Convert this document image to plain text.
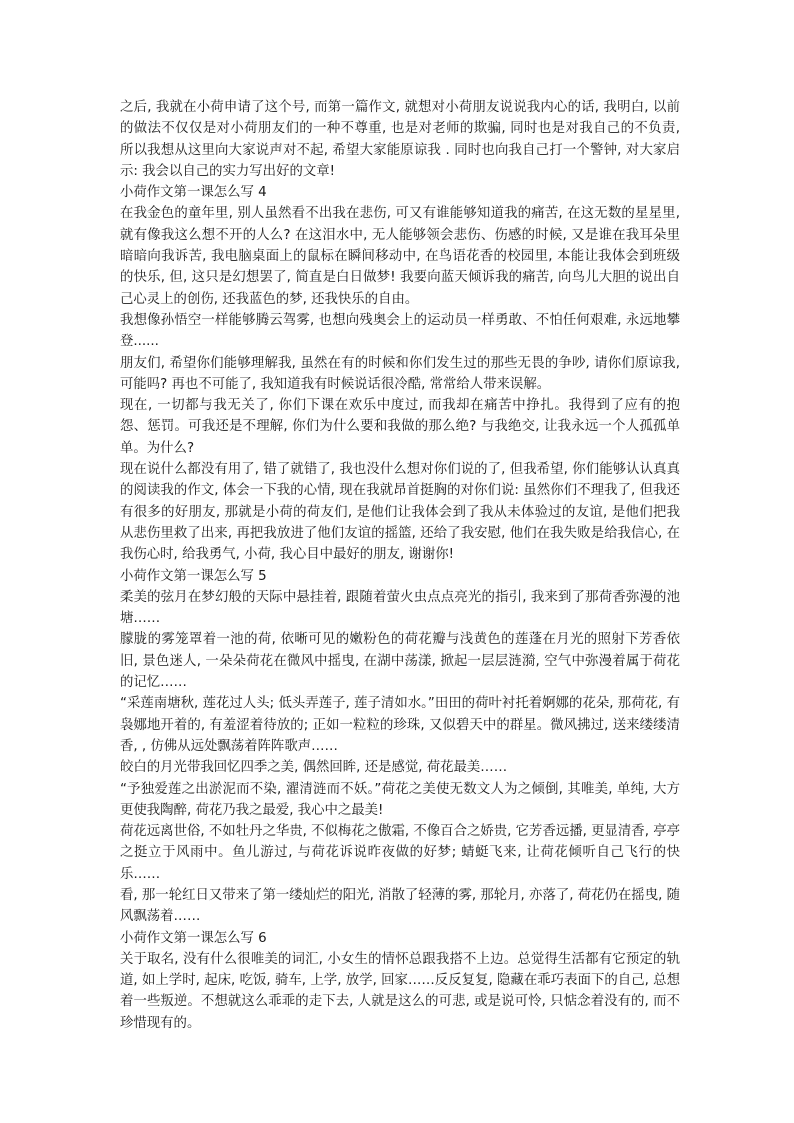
之后, 我就在小荷申请了这个号, 而第一篇作文, 就想对小荷朋友说说我内心的话, 我明白, 以前的做法不仅仅是对小荷朋友们的一种不尊重, 也是对老师的欺骗, 同时也是对我自己的不负责, 所以我想从这里向大家说声对不起, 希望大家能原谅我 . 同时也向我自己打一个警钟, 对大家启示: 我会以自己的实力写出好的文章!

小荷作文第一课怎么写 4

在我金色的童年里, 别人虽然看不出我在悲伤, 可又有谁能够知道我的痛苦, 在这无数的星星里, 就有像我这么想不开的人么? 在这泪水中, 无人能够领会悲伤、伤感的时候, 又是谁在我耳朵里暗暗向我诉苦, 我电脑桌面上的鼠标在瞬间移动中, 在鸟语花香的校园里, 本能让我体会到班级的快乐, 但, 这只是幻想罢了, 简直是白日做梦! 我要向蓝天倾诉我的痛苦, 向鸟儿大胆的说出自己心灵上的创伤, 还我蓝色的梦, 还我快乐的自由。

我想像孙悟空一样能够腾云驾雾, 也想向残奥会上的运动员一样勇敢、不怕任何艰难, 永远地攀登......

朋友们, 希望你们能够理解我, 虽然在有的时候和你们发生过的那些无畏的争吵, 请你们原谅我, 可能吗? 再也不可能了, 我知道我有时候说话很冷酷, 常常给人带来误解。

现在, 一切都与我无关了, 你们下课在欢乐中度过, 而我却在痛苦中挣扎。我得到了应有的抱怨、惩罚。可我还是不理解, 你们为什么要和我做的那么绝? 与我绝交, 让我永远一个人孤孤单单。为什么?

现在说什么都没有用了, 错了就错了, 我也没什么想对你们说的了, 但我希望, 你们能够认认真真的阅读我的作文, 体会一下我的心情, 现在我就昂首挺胸的对你们说: 虽然你们不理我了, 但我还有很多的好朋友, 那就是小荷的荷友们, 是他们让我体会到了我从未体验过的友谊, 是他们把我从悲伤里救了出来, 再把我放进了他们友谊的摇篮, 还给了我安慰, 他们在我失败是给我信心, 在我伤心时, 给我勇气, 小荷, 我心目中最好的朋友, 谢谢你!

小荷作文第一课怎么写 5

柔美的弦月在梦幻般的天际中悬挂着, 跟随着萤火虫点点亮光的指引, 我来到了那荷香弥漫的池塘……

朦胧的雾笼罩着一池的荷, 依晰可见的嫩粉色的荷花瓣与浅黄色的莲蓬在月光的照射下芳香依旧, 景色迷人, 一朵朵荷花在微风中摇曳, 在湖中荡漾, 掀起一层层涟漪, 空气中弥漫着属于荷花的记忆……

“采莲南塘秋, 莲花过人头; 低头弄莲子, 莲子清如水。”田田的荷叶衬托着婀娜的花朵, 那荷花, 有袅娜地开着的, 有羞涩着待放的; 正如一粒粒的珍珠, 又似碧天中的群星。微风拂过, 送来缕缕清香, , 仿佛从远处飘荡着阵阵歌声……

皎白的月光带我回忆四季之美, 偶然回眸, 还是感觉, 荷花最美……

“予独爱莲之出淤泥而不染, 濯清涟而不妖。”荷花之美使无数文人为之倾倒, 其唯美, 单纯, 大方更使我陶醉, 荷花乃我之最爱, 我心中之最美!

荷花远离世俗, 不如牡丹之华贵, 不似梅花之傲霜, 不像百合之娇贵, 它芳香远播, 更显清香, 亭亭之挺立于风雨中。鱼儿游过, 与荷花诉说昨夜做的好梦; 蜻蜓飞来, 让荷花倾听自己飞行的快乐……

看, 那一轮红日又带来了第一缕灿烂的阳光, 消散了轻薄的雾, 那轮月, 亦落了, 荷花仍在摇曳, 随风飘荡着……

小荷作文第一课怎么写 6

关于取名, 没有什么很唯美的词汇, 小女生的情怀总跟我搭不上边。总觉得生活都有它预定的轨道, 如上学时, 起床, 吃饭, 骑车, 上学, 放学, 回家……反反复复, 隐藏在乖巧表面下的自己, 总想着一些叛逆。不想就这么乖乖的走下去, 人就是这么的可悲, 或是说可怜, 只惦念着没有的, 而不珍惜现有的。
